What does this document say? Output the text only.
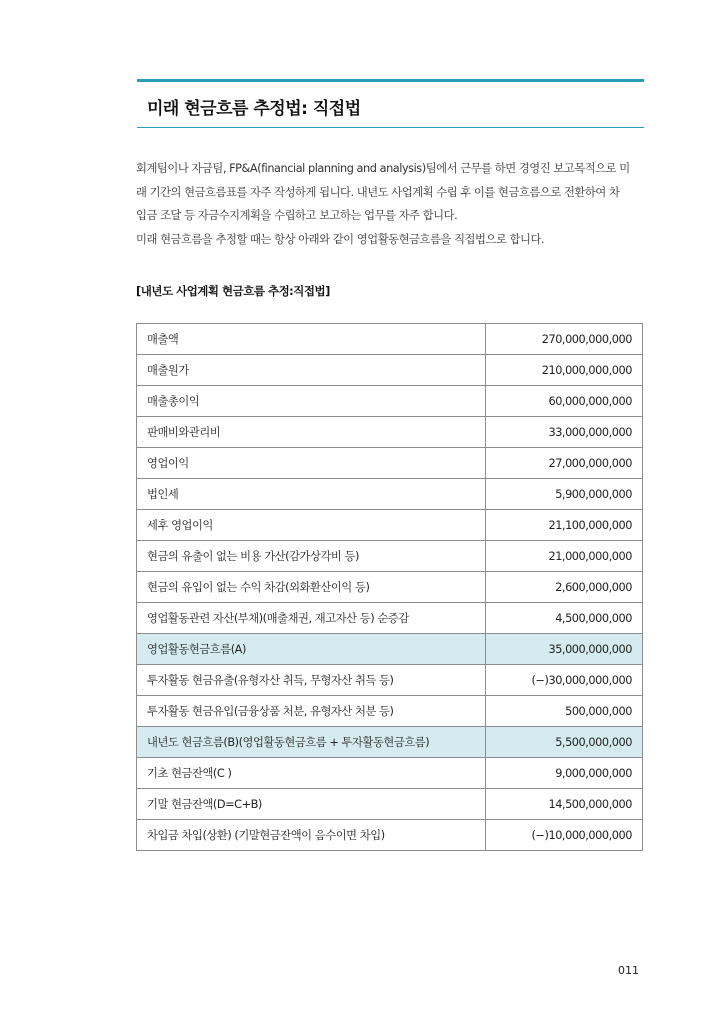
미래 현금흐름 추정법: 직접법

회계팀이나 자금팀, FP&A(financial planning and analysis)팀에서 근무를 하면 경영진 보고목적으로 미

래 기간의 현금흐름표를 자주 작성하게 됩니다. 내년도 사업계획 수립 후 이를 현금흐름으로 전환하여 차

입금 조달 등 자금수지계획을 수립하고 보고하는 업무를 자주 합니다.

미래 현금흐름을 추정할 때는 항상 아래와 같이 영업활동현금흐름을 직접법으로 합니다.

[내년도 사업계획 현금흐름 추정:직접법]
매출액	270,000,000,000
매출원가	210,000,000,000
매출총이익	60,000,000,000
판매비와관리비	33,000,000,000
영업이익	27,000,000,000
법인세	5,900,000,000
세후 영업이익	21,100,000,000
현금의 유출이 없는 비용 가산(감가상각비 등)	21,000,000,000
현금의 유입이 없는 수익 차감(외화환산이익 등)	2,600,000,000
영업활동관련 자산(부채)(매출채권, 재고자산 등) 순증감	4,500,000,000
영업활동현금흐름(A)	35,000,000,000
투자활동 현금유출(유형자산 취득, 무형자산 취득 등)	(−)30,000,000,000
투자활동 현금유입(금융상품 처분, 유형자산 처분 등)	500,000,000
내년도 현금흐름(B)(영업활동현금흐름 + 투자활동현금흐름)	5,500,000,000
기초 현금잔액(C )	9,000,000,000
기말 현금잔액(D=C+B)	14,500,000,000
차입금 차입(상환) (기말현금잔액이 음수이면 차입)	(−)10,000,000,000
011
